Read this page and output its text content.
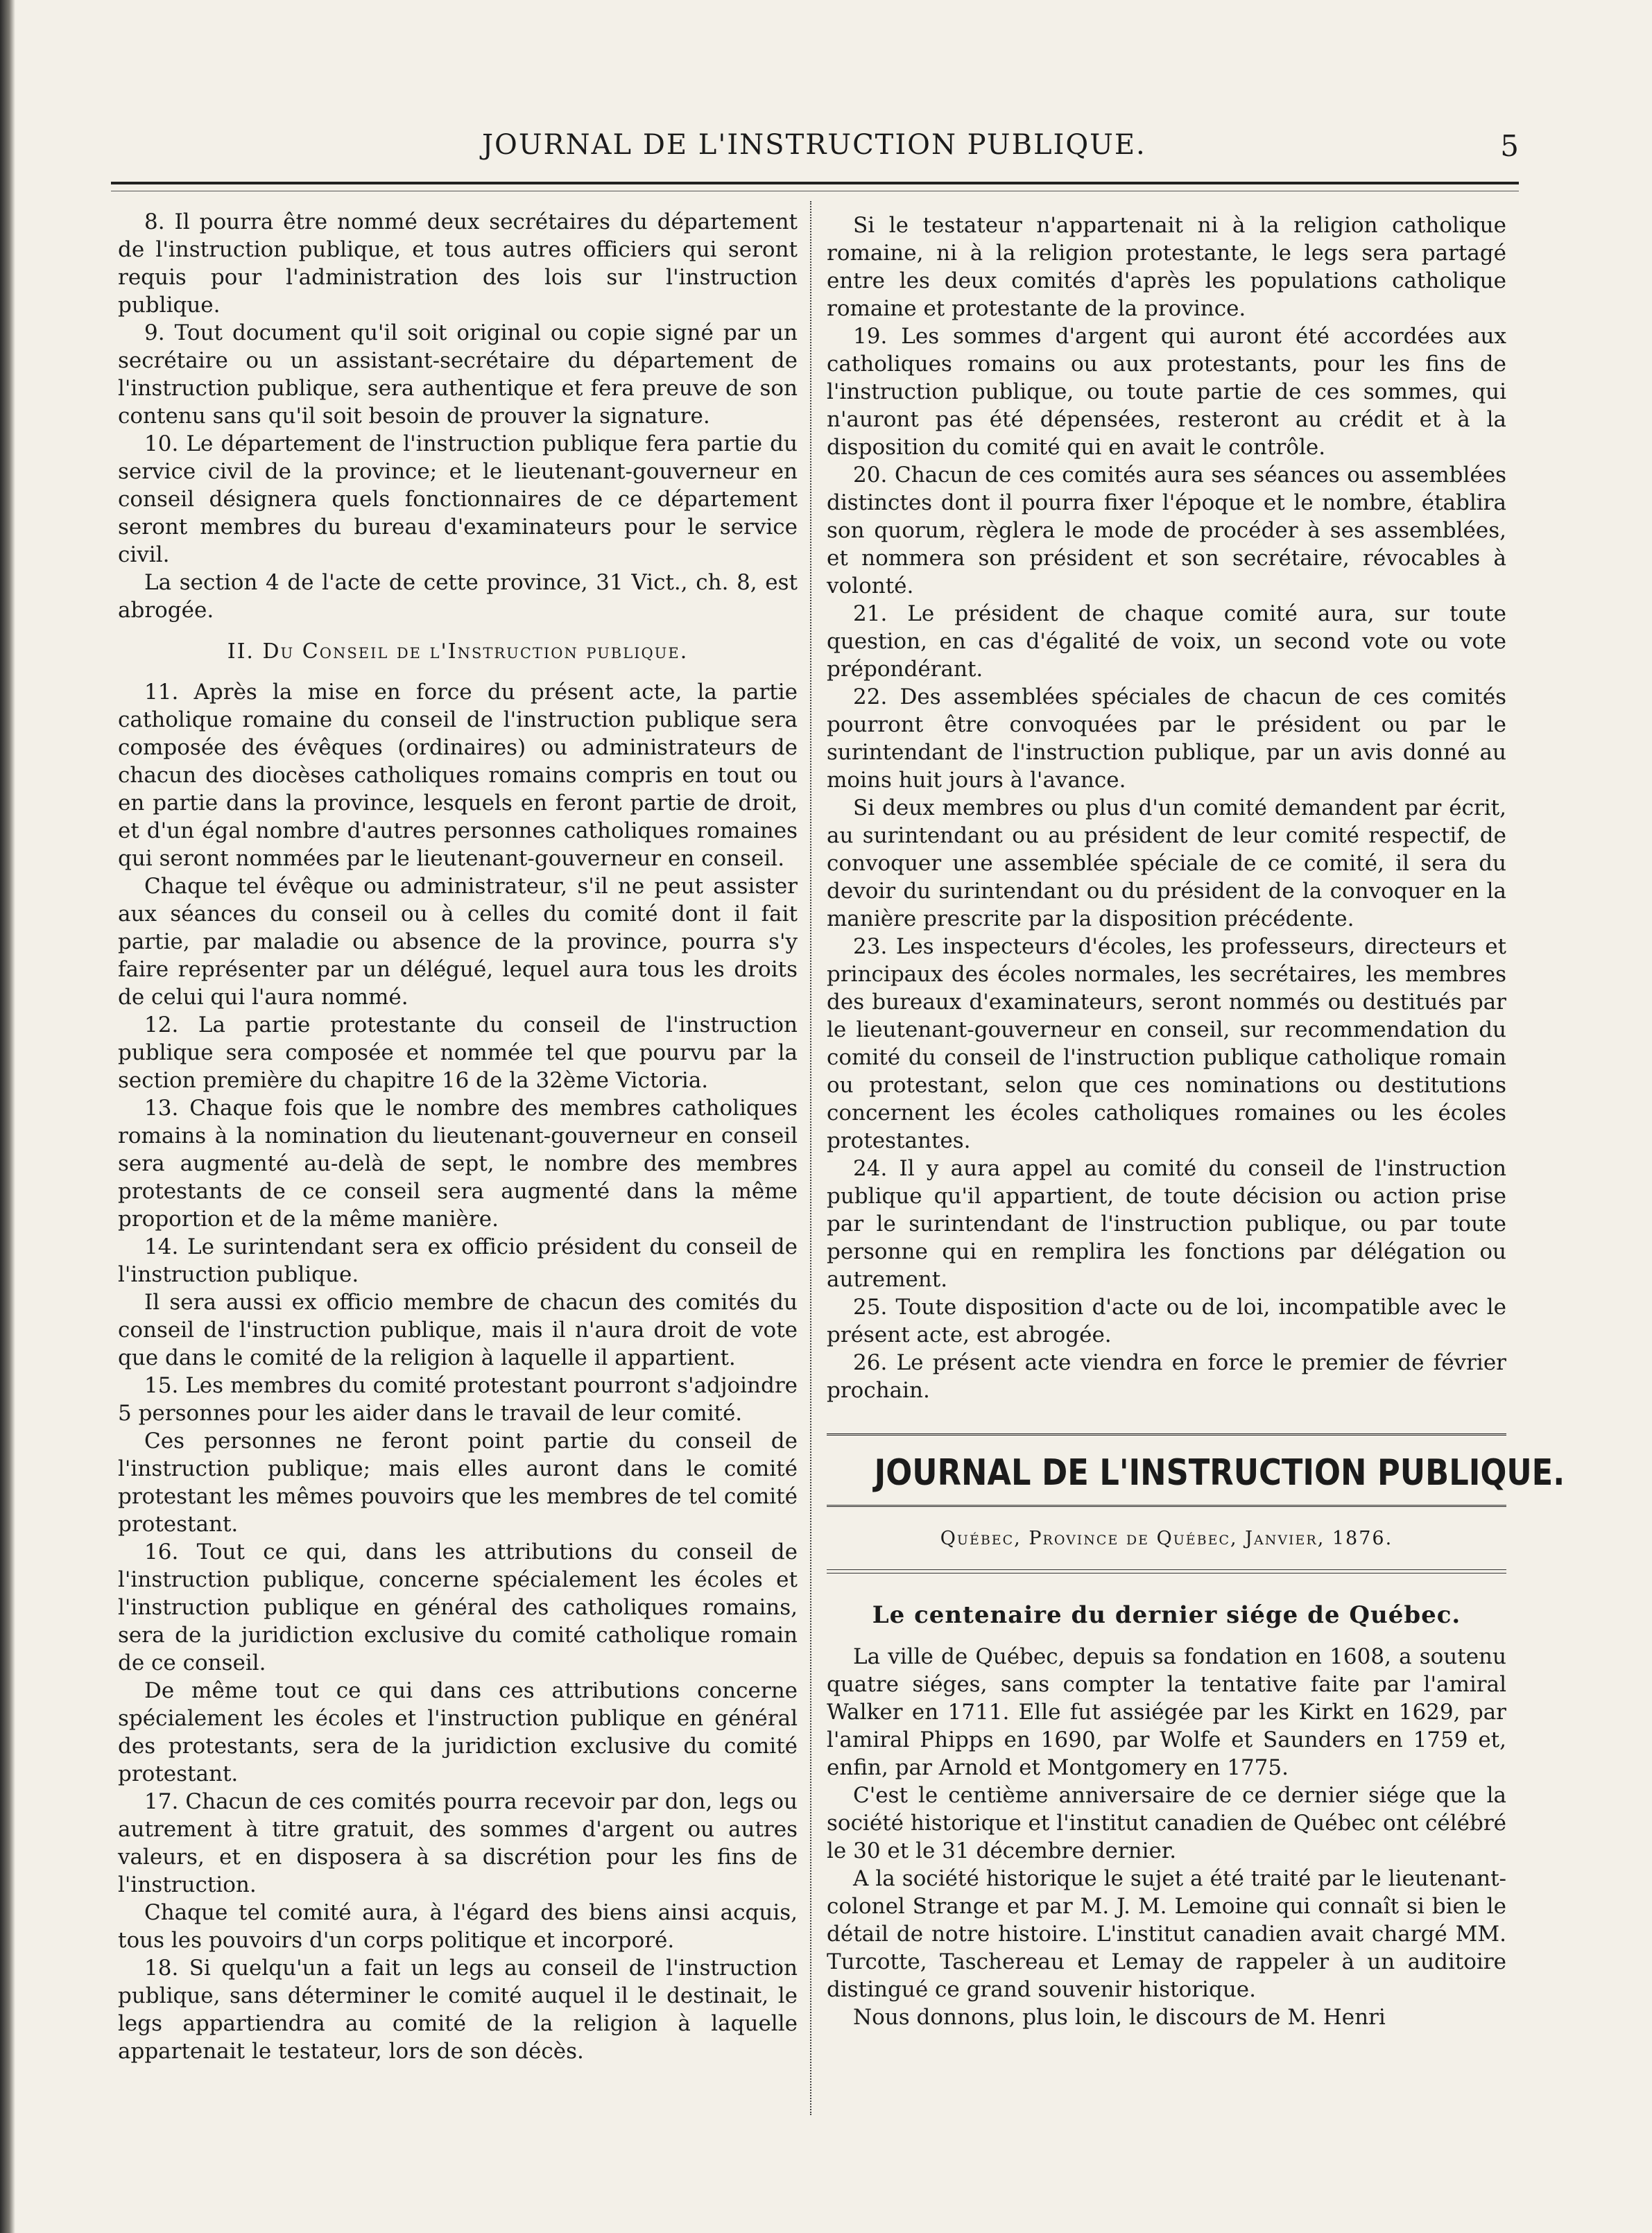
JOURNAL DE L'INSTRUCTION PUBLIQUE.	5

8. Il pourra être nommé deux secrétaires du département de l'instruction publique, et tous autres officiers qui seront requis pour l'administration des lois sur l'instruction publique.

9. Tout document qu'il soit original ou copie signé par un secrétaire ou un assistant-secrétaire du département de l'instruction publique, sera authentique et fera preuve de son contenu sans qu'il soit besoin de prouver la signature.

10. Le département de l'instruction publique fera partie du service civil de la province; et le lieutenant-gouverneur en conseil désignera quels fonctionnaires de ce département seront membres du bureau d'examinateurs pour le service civil.

La section 4 de l'acte de cette province, 31 Vict., ch. 8, est abrogée.

II. Du Conseil de l'Instruction publique.

11. Après la mise en force du présent acte, la partie catholique romaine du conseil de l'instruction publique sera composée des évêques (ordinaires) ou administrateurs de chacun des diocèses catholiques romains compris en tout ou en partie dans la province, lesquels en feront partie de droit, et d'un égal nombre d'autres personnes catholiques romaines qui seront nommées par le lieutenant-gouverneur en conseil.

Chaque tel évêque ou administrateur, s'il ne peut assister aux séances du conseil ou à celles du comité dont il fait partie, par maladie ou absence de la province, pourra s'y faire représenter par un délégué, lequel aura tous les droits de celui qui l'aura nommé.

12. La partie protestante du conseil de l'instruction publique sera composée et nommée tel que pourvu par la section première du chapitre 16 de la 32ème Victoria.

13. Chaque fois que le nombre des membres catholiques romains à la nomination du lieutenant-gouverneur en conseil sera augmenté au-delà de sept, le nombre des membres protestants de ce conseil sera augmenté dans la même proportion et de la même manière.

14. Le surintendant sera ex officio président du conseil de l'instruction publique.

Il sera aussi ex officio membre de chacun des comités du conseil de l'instruction publique, mais il n'aura droit de vote que dans le comité de la religion à laquelle il appartient.

15. Les membres du comité protestant pourront s'adjoindre 5 personnes pour les aider dans le travail de leur comité.

Ces personnes ne feront point partie du conseil de l'instruction publique; mais elles auront dans le comité protestant les mêmes pouvoirs que les membres de tel comité protestant.

16. Tout ce qui, dans les attributions du conseil de l'instruction publique, concerne spécialement les écoles et l'instruction publique en général des catholiques romains, sera de la juridiction exclusive du comité catholique romain de ce conseil.

De même tout ce qui dans ces attributions concerne spécialement les écoles et l'instruction publique en général des protestants, sera de la juridiction exclusive du comité protestant.

17. Chacun de ces comités pourra recevoir par don, legs ou autrement à titre gratuit, des sommes d'argent ou autres valeurs, et en disposera à sa discrétion pour les fins de l'instruction.

Chaque tel comité aura, à l'égard des biens ainsi acquis, tous les pouvoirs d'un corps politique et incorporé.

18. Si quelqu'un a fait un legs au conseil de l'instruction publique, sans déterminer le comité auquel il le destinait, le legs appartiendra au comité de la religion à laquelle appartenait le testateur, lors de son décès.

Si le testateur n'appartenait ni à la religion catholique romaine, ni à la religion protestante, le legs sera partagé entre les deux comités d'après les populations catholique romaine et protestante de la province.

19. Les sommes d'argent qui auront été accordées aux catholiques romains ou aux protestants, pour les fins de l'instruction publique, ou toute partie de ces sommes, qui n'auront pas été dépensées, resteront au crédit et à la disposition du comité qui en avait le contrôle.

20. Chacun de ces comités aura ses séances ou assemblées distinctes dont il pourra fixer l'époque et le nombre, établira son quorum, règlera le mode de procéder à ses assemblées, et nommera son président et son secrétaire, révocables à volonté.

21. Le président de chaque comité aura, sur toute question, en cas d'égalité de voix, un second vote ou vote prépondérant.

22. Des assemblées spéciales de chacun de ces comités pourront être convoquées par le président ou par le surintendant de l'instruction publique, par un avis donné au moins huit jours à l'avance.

Si deux membres ou plus d'un comité demandent par écrit, au surintendant ou au président de leur comité respectif, de convoquer une assemblée spéciale de ce comité, il sera du devoir du surintendant ou du président de la convoquer en la manière prescrite par la disposition précédente.

23. Les inspecteurs d'écoles, les professeurs, directeurs et principaux des écoles normales, les secrétaires, les membres des bureaux d'examinateurs, seront nommés ou destitués par le lieutenant-gouverneur en conseil, sur recommendation du comité du conseil de l'instruction publique catholique romain ou protestant, selon que ces nominations ou destitutions concernent les écoles catholiques romaines ou les écoles protestantes.

24. Il y aura appel au comité du conseil de l'instruction publique qu'il appartient, de toute décision ou action prise par le surintendant de l'instruction publique, ou par toute personne qui en remplira les fonctions par délégation ou autrement.

25. Toute disposition d'acte ou de loi, incompatible avec le présent acte, est abrogée.

26. Le présent acte viendra en force le premier de février prochain.

JOURNAL DE L'INSTRUCTION PUBLIQUE.
Québec, Province de Québec, Janvier, 1876.
Le centenaire du dernier siége de Québec.

La ville de Québec, depuis sa fondation en 1608, a soutenu quatre siéges, sans compter la tentative faite par l'amiral Walker en 1711. Elle fut assiégée par les Kirkt en 1629, par l'amiral Phipps en 1690, par Wolfe et Saunders en 1759 et, enfin, par Arnold et Montgomery en 1775.

C'est le centième anniversaire de ce dernier siége que la société historique et l'institut canadien de Québec ont célébré le 30 et le 31 décembre dernier.

A la société historique le sujet a été traité par le lieutenant-colonel Strange et par M. J. M. Lemoine qui connaît si bien le détail de notre histoire. L'institut canadien avait chargé MM. Turcotte, Taschereau et Lemay de rappeler à un auditoire distingué ce grand souvenir historique.

Nous donnons, plus loin, le discours de M. Henri
